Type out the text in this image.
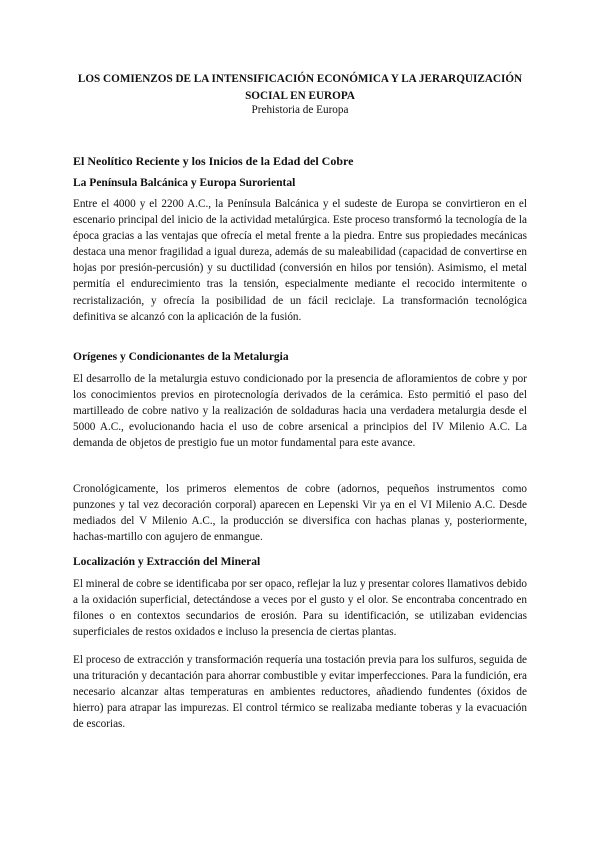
LOS COMIENZOS DE LA INTENSIFICACIÓN ECONÓMICA Y LA JERARQUIZACIÓN SOCIAL EN EUROPA
Prehistoria de Europa
El Neolítico Reciente y los Inicios de la Edad del Cobre
La Península Balcánica y Europa Suroriental
Entre el 4000 y el 2200 A.C., la Península Balcánica y el sudeste de Europa se convirtieron en el escenario principal del inicio de la actividad metalúrgica. Este proceso transformó la tecnología de la época gracias a las ventajas que ofrecía el metal frente a la piedra. Entre sus propiedades mecánicas destaca una menor fragilidad a igual dureza, además de su maleabilidad (capacidad de convertirse en hojas por presión-percusión) y su ductilidad (conversión en hilos por tensión). Asimismo, el metal permitía el endurecimiento tras la tensión, especialmente mediante el recocido intermitente o recristalización, y ofrecía la posibilidad de un fácil reciclaje. La transformación tecnológica definitiva se alcanzó con la aplicación de la fusión.
Orígenes y Condicionantes de la Metalurgia
El desarrollo de la metalurgia estuvo condicionado por la presencia de afloramientos de cobre y por los conocimientos previos en pirotecnología derivados de la cerámica. Esto permitió el paso del martilleado de cobre nativo y la realización de soldaduras hacia una verdadera metalurgia desde el 5000 A.C., evolucionando hacia el uso de cobre arsenical a principios del IV Milenio A.C. La demanda de objetos de prestigio fue un motor fundamental para este avance.
Cronológicamente, los primeros elementos de cobre (adornos, pequeños instrumentos como punzones y tal vez decoración corporal) aparecen en Lepenski Vir ya en el VI Milenio A.C. Desde mediados del V Milenio A.C., la producción se diversifica con hachas planas y, posteriormente, hachas-martillo con agujero de enmangue.
Localización y Extracción del Mineral
El mineral de cobre se identificaba por ser opaco, reflejar la luz y presentar colores llamativos debido a la oxidación superficial, detectándose a veces por el gusto y el olor. Se encontraba concentrado en filones o en contextos secundarios de erosión. Para su identificación, se utilizaban evidencias superficiales de restos oxidados e incluso la presencia de ciertas plantas.
El proceso de extracción y transformación requería una tostación previa para los sulfuros, seguida de una trituración y decantación para ahorrar combustible y evitar imperfecciones. Para la fundición, era necesario alcanzar altas temperaturas en ambientes reductores, añadiendo fundentes (óxidos de hierro) para atrapar las impurezas. El control térmico se realizaba mediante toberas y la evacuación de escorias.
